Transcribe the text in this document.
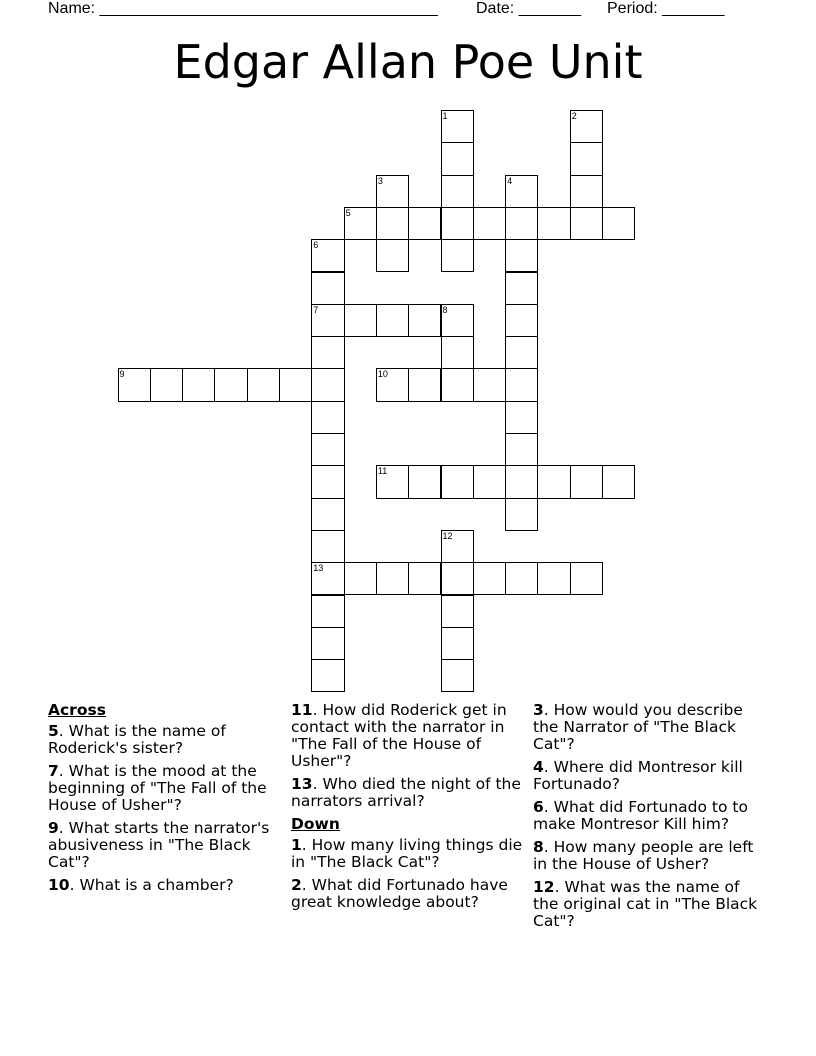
Name: ______________________________________ Date: _______ Period: _______
Edgar Allan Poe Unit
1	2
3	4
5
6
7	8
9	10
11
12
13
Across
5. What is the name of Roderick's sister?
7. What is the mood at the beginning of "The Fall of the House of Usher"?
9. What starts the narrator's abusiveness in "The Black Cat"?
10. What is a chamber?
11. How did Roderick get in contact with the narrator in "The Fall of the House of Usher"?
13. Who died the night of the narrators arrival?
Down
1. How many living things die in "The Black Cat"?
2. What did Fortunado have great knowledge about?
3. How would you describe the Narrator of "The Black Cat"?
4. Where did Montresor kill Fortunado?
6. What did Fortunado to to make Montresor Kill him?
8. How many people are left in the House of Usher?
12. What was the name of the original cat in "The Black Cat"?
